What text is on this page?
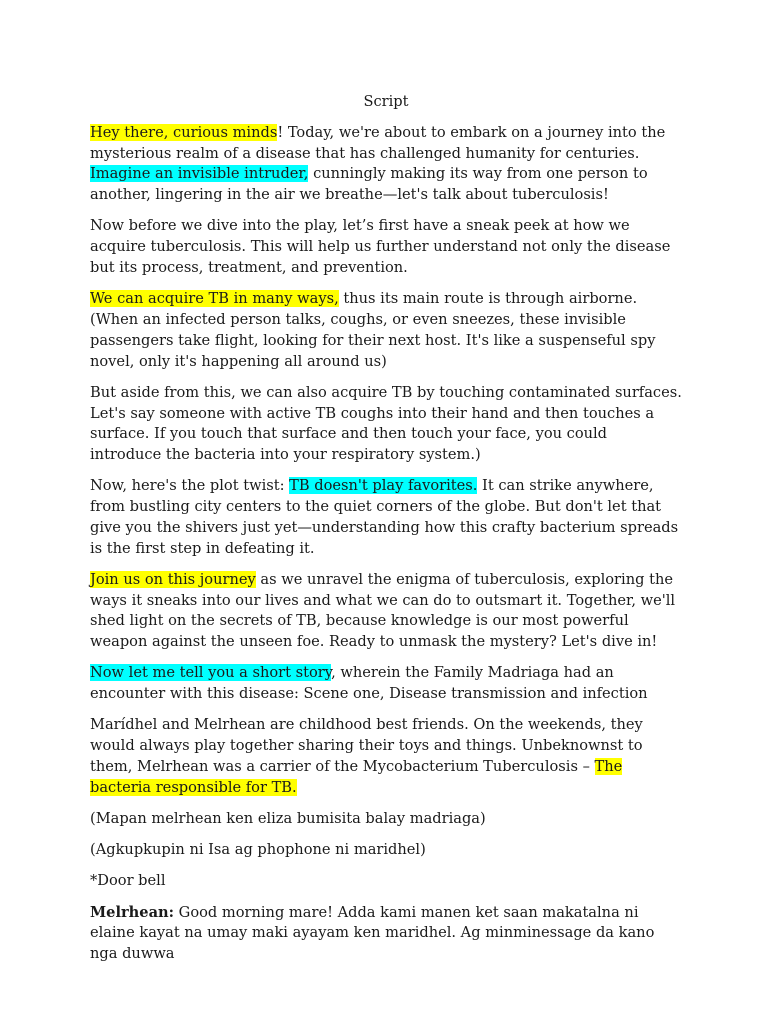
Script

Hey there, curious minds! Today, we're about to embark on a journey into the mysterious realm of a disease that has challenged humanity for centuries. Imagine an invisible intruder, cunningly making its way from one person to another, lingering in the air we breathe—let's talk about tuberculosis!

Now before we dive into the play, let’s first have a sneak peek at how we acquire tuberculosis. This will help us further understand not only the disease but its process, treatment, and prevention.

We can acquire TB in many ways, thus its main route is through airborne. (When an infected person talks, coughs, or even sneezes, these invisible passengers take flight, looking for their next host. It's like a suspenseful spy novel, only it's happening all around us)

But aside from this, we can also acquire TB by touching contaminated surfaces. Let's say someone with active TB coughs into their hand and then touches a surface. If you touch that surface and then touch your face, you could introduce the bacteria into your respiratory system.)

Now, here's the plot twist: TB doesn't play favorites. It can strike anywhere, from bustling city centers to the quiet corners of the globe. But don't let that give you the shivers just yet—understanding how this crafty bacterium spreads is the first step in defeating it.

Join us on this journey as we unravel the enigma of tuberculosis, exploring the ways it sneaks into our lives and what we can do to outsmart it. Together, we'll shed light on the secrets of TB, because knowledge is our most powerful weapon against the unseen foe. Ready to unmask the mystery? Let's dive in!

Now let me tell you a short story, wherein the Family Madriaga had an encounter with this disease: Scene one, Disease transmission and infection

Marídhel and Melrhean are childhood best friends. On the weekends, they would always play together sharing their toys and things. Unbeknownst to them, Melrhean was a carrier of the Mycobacterium Tuberculosis – The bacteria responsible for TB.

(Mapan melrhean ken eliza bumisita balay madriaga)

(Agkupkupin ni Isa ag phophone ni maridhel)

*Door bell

Melrhean: Good morning mare! Adda kami manen ket saan makatalna ni elaine kayat na umay maki ayayam ken maridhel. Ag minminessage da kano nga duwwa
